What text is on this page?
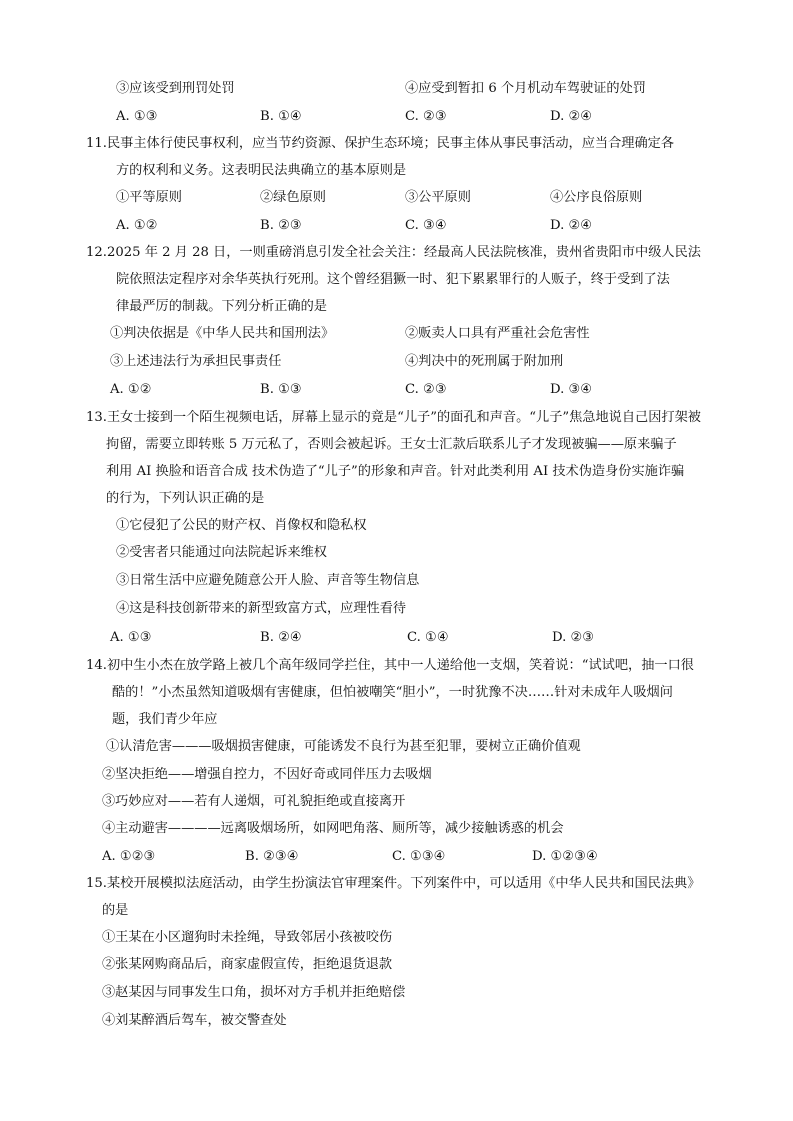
③应该受到刑罚处罚	④应受到暂扣 6 个月机动车驾驶证的处罚
A. ①③	B. ①④	C. ②③	D. ②④
11.民事主体行使民事权利，应当节约资源、保护生态环境；民事主体从事民事活动，应当合理确定各
方的权利和义务。这表明民法典确立的基本原则是
①平等原则	②绿色原则	③公平原则	④公序良俗原则
A. ①②	B. ②③	C. ③④	D. ②④
12.2025 年 2 月 28 日，一则重磅消息引发全社会关注：经最高人民法院核准，贵州省贵阳市中级人民法
院依照法定程序对余华英执行死刑。这个曾经猖獗一时、犯下累累罪行的人贩子，终于受到了法
律最严厉的制裁。下列分析正确的是
①判决依据是《中华人民共和国刑法》	②贩卖人口具有严重社会危害性
③上述违法行为承担民事责任	④判决中的死刑属于附加刑
A. ①②	B. ①③	C. ②③	D. ③④
13.王女士接到一个陌生视频电话，屏幕上显示的竟是“儿子”的面孔和声音。“儿子”焦急地说自己因打架被
拘留，需要立即转账 5 万元私了，否则会被起诉。王女士汇款后联系儿子才发现被骗——原来骗子
利用 AI 换脸和语音合成 技术伪造了“儿子”的形象和声音。针对此类利用 AI 技术伪造身份实施诈骗
的行为，下列认识正确的是
①它侵犯了公民的财产权、肖像权和隐私权
②受害者只能通过向法院起诉来维权
③日常生活中应避免随意公开人脸、声音等生物信息
④这是科技创新带来的新型致富方式，应理性看待
A. ①③	B. ②④	C. ①④	D. ②③
14.初中生小杰在放学路上被几个高年级同学拦住，其中一人递给他一支烟，笑着说：“试试吧，抽一口很
酷的！”小杰虽然知道吸烟有害健康，但怕被嘲笑“胆小”，一时犹豫不决……针对未成年人吸烟问
题，我们青少年应
①认清危害———吸烟损害健康，可能诱发不良行为甚至犯罪，要树立正确价值观
②坚决拒绝——增强自控力，不因好奇或同伴压力去吸烟
③巧妙应对——若有人递烟，可礼貌拒绝或直接离开
④主动避害————远离吸烟场所，如网吧角落、厕所等，减少接触诱惑的机会
A. ①②③	B. ②③④	C. ①③④	D. ①②③④
15.某校开展模拟法庭活动，由学生扮演法官审理案件。下列案件中，可以适用《中华人民共和国民法典》
的是
①王某在小区遛狗时未拴绳，导致邻居小孩被咬伤
②张某网购商品后，商家虚假宣传，拒绝退货退款
③赵某因与同事发生口角，损坏对方手机并拒绝赔偿
④刘某醉酒后驾车，被交警查处
